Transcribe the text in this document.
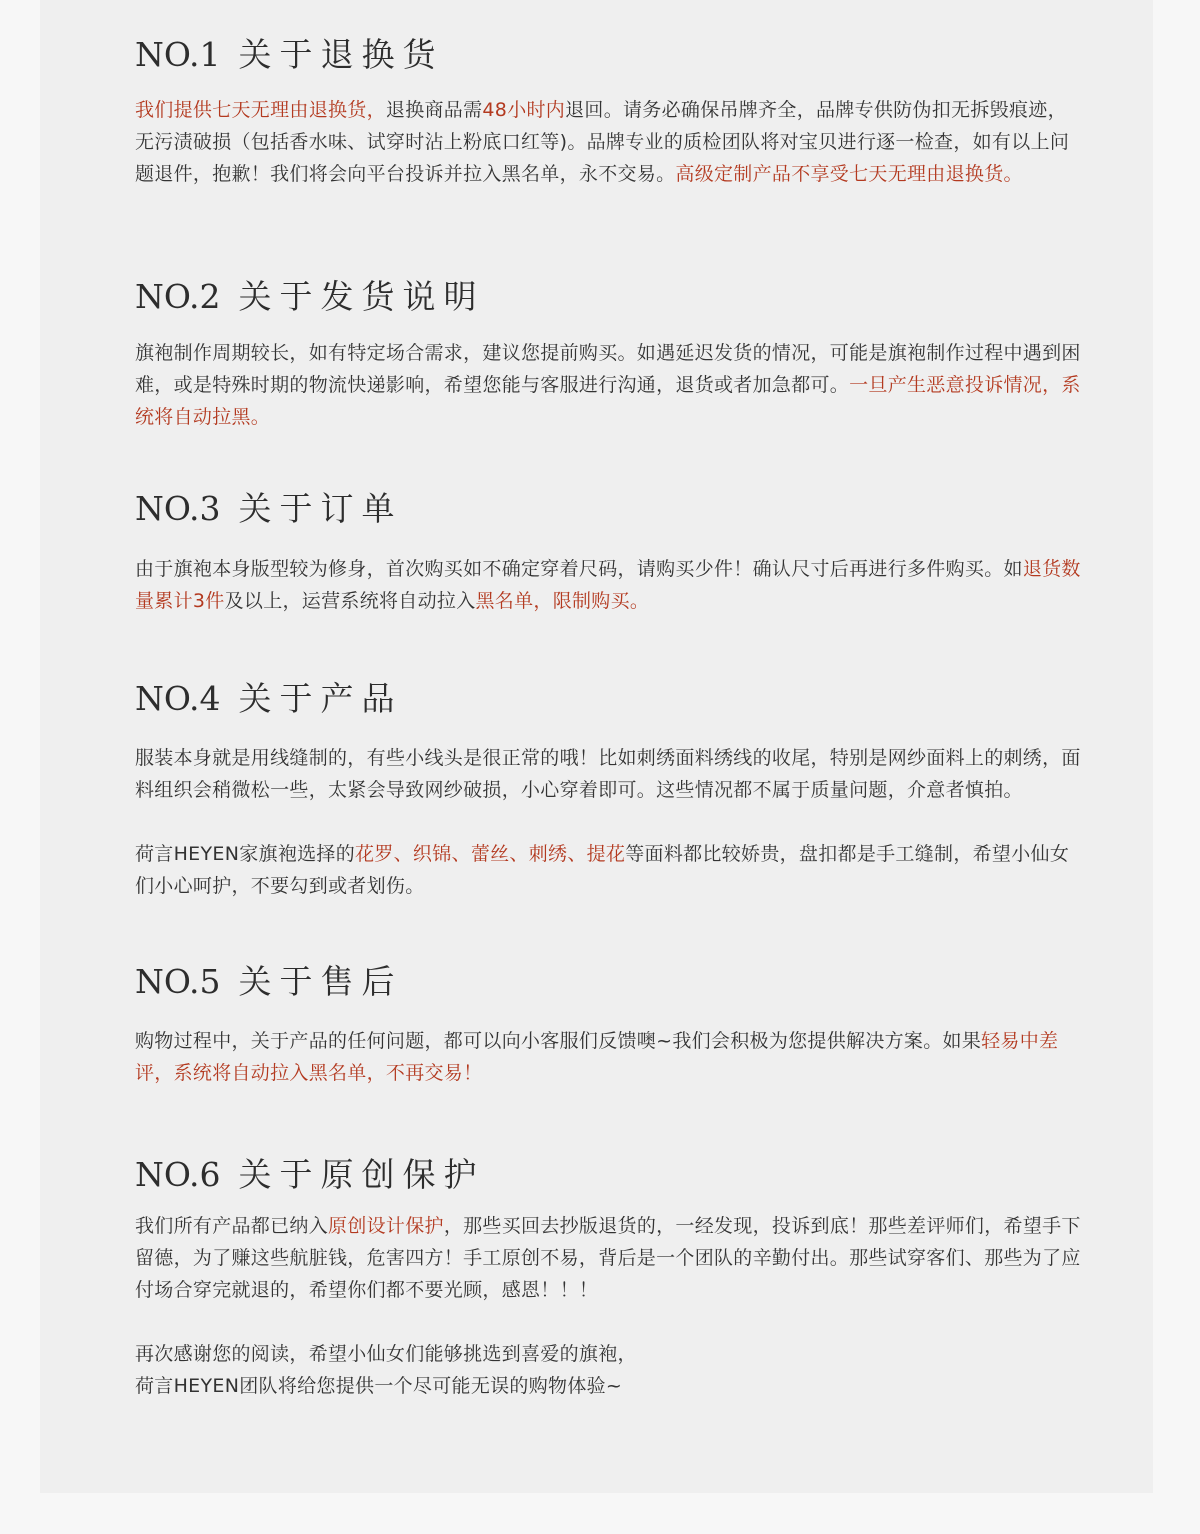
NO.1 关于退换货

我们提供七天无理由退换货，退换商品需48小时内退回。请务必确保吊牌齐全，品牌专供防伪扣无拆毁痕迹，无污渍破损（包括香水味、试穿时沾上粉底口红等)。品牌专业的质检团队将对宝贝进行逐一检查，如有以上问题退件，抱歉！我们将会向平台投诉并拉入黑名单，永不交易。高级定制产品不享受七天无理由退换货。

NO.2 关于发货说明

旗袍制作周期较长，如有特定场合需求，建议您提前购买。如遇延迟发货的情况，可能是旗袍制作过程中遇到困难，或是特殊时期的物流快递影响，希望您能与客服进行沟通，退货或者加急都可。一旦产生恶意投诉情况，系统将自动拉黑。

NO.3 关于订单

由于旗袍本身版型较为修身，首次购买如不确定穿着尺码，请购买少件！确认尺寸后再进行多件购买。如退货数量累计3件及以上，运营系统将自动拉入黑名单，限制购买。

NO.4 关于产品

服装本身就是用线缝制的，有些小线头是很正常的哦！比如刺绣面料绣线的收尾，特别是网纱面料上的刺绣，面料组织会稍微松一些，太紧会导致网纱破损，小心穿着即可。这些情况都不属于质量问题，介意者慎拍。

荷言HEYEN家旗袍选择的花罗、织锦、蕾丝、刺绣、提花等面料都比较娇贵，盘扣都是手工缝制，希望小仙女们小心呵护，不要勾到或者划伤。

NO.5 关于售后

购物过程中，关于产品的任何问题，都可以向小客服们反馈噢~我们会积极为您提供解决方案。如果轻易中差评，系统将自动拉入黑名单，不再交易！

NO.6 关于原创保护

我们所有产品都已纳入原创设计保护，那些买回去抄版退货的，一经发现，投诉到底！那些差评师们，希望手下留德，为了赚这些航脏钱，危害四方！手工原创不易，背后是一个团队的辛勤付出。那些试穿客们、那些为了应付场合穿完就退的，希望你们都不要光顾，感恩！！！

再次感谢您的阅读，希望小仙女们能够挑选到喜爱的旗袍，
荷言HEYEN团队将给您提供一个尽可能无误的购物体验~
